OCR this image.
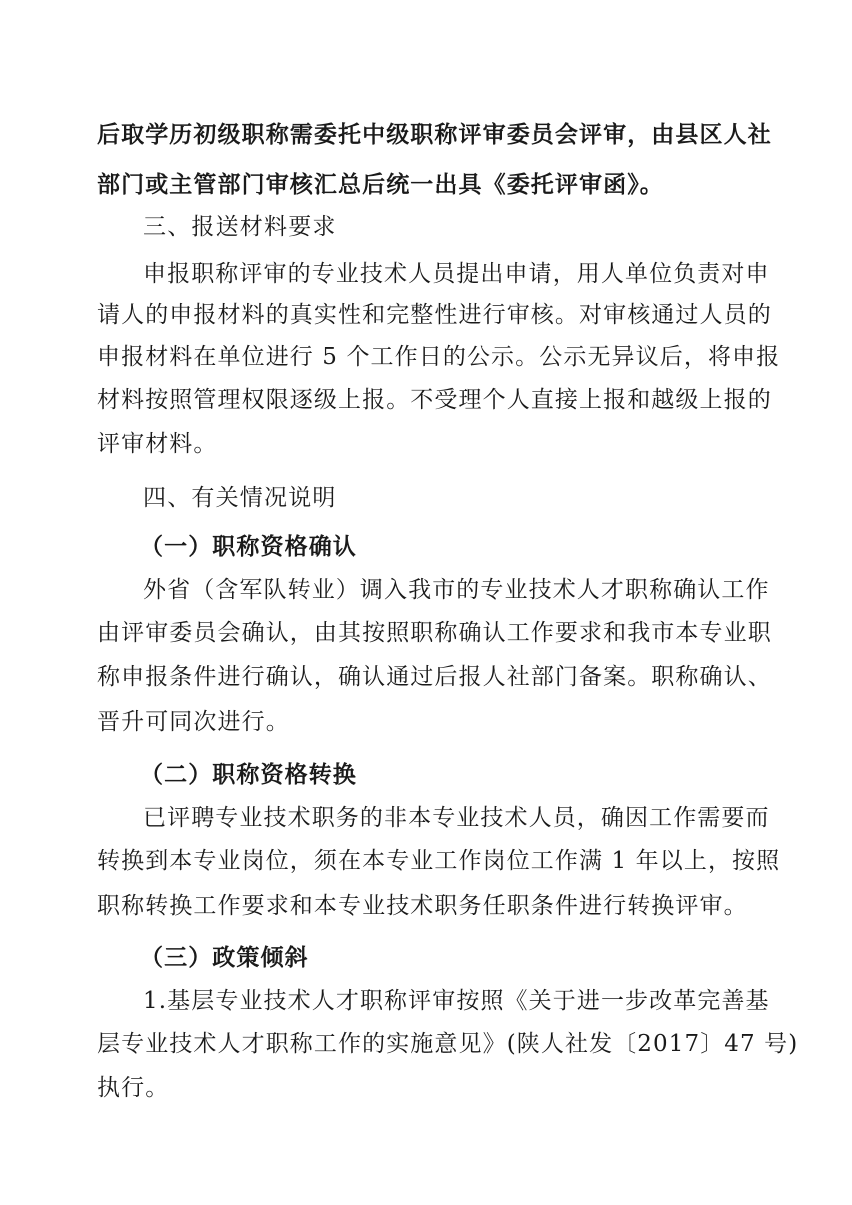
后取学历初级职称需委托中级职称评审委员会评审，由县区人社
部门或主管部门审核汇总后统一出具《委托评审函》。
三、报送材料要求
申报职称评审的专业技术人员提出申请，用人单位负责对申
请人的申报材料的真实性和完整性进行审核。对审核通过人员的
申报材料在单位进行 5 个工作日的公示。公示无异议后，将申报
材料按照管理权限逐级上报。不受理个人直接上报和越级上报的
评审材料。
四、有关情况说明
（一）职称资格确认
外省（含军队转业）调入我市的专业技术人才职称确认工作
由评审委员会确认，由其按照职称确认工作要求和我市本专业职
称申报条件进行确认，确认通过后报人社部门备案。职称确认、
晋升可同次进行。
（二）职称资格转换
已评聘专业技术职务的非本专业技术人员，确因工作需要而
转换到本专业岗位，须在本专业工作岗位工作满 1 年以上，按照
职称转换工作要求和本专业技术职务任职条件进行转换评审。
（三）政策倾斜
1.基层专业技术人才职称评审按照《关于进一步改革完善基
层专业技术人才职称工作的实施意见》(陕人社发〔2017〕47 号)
执行。
